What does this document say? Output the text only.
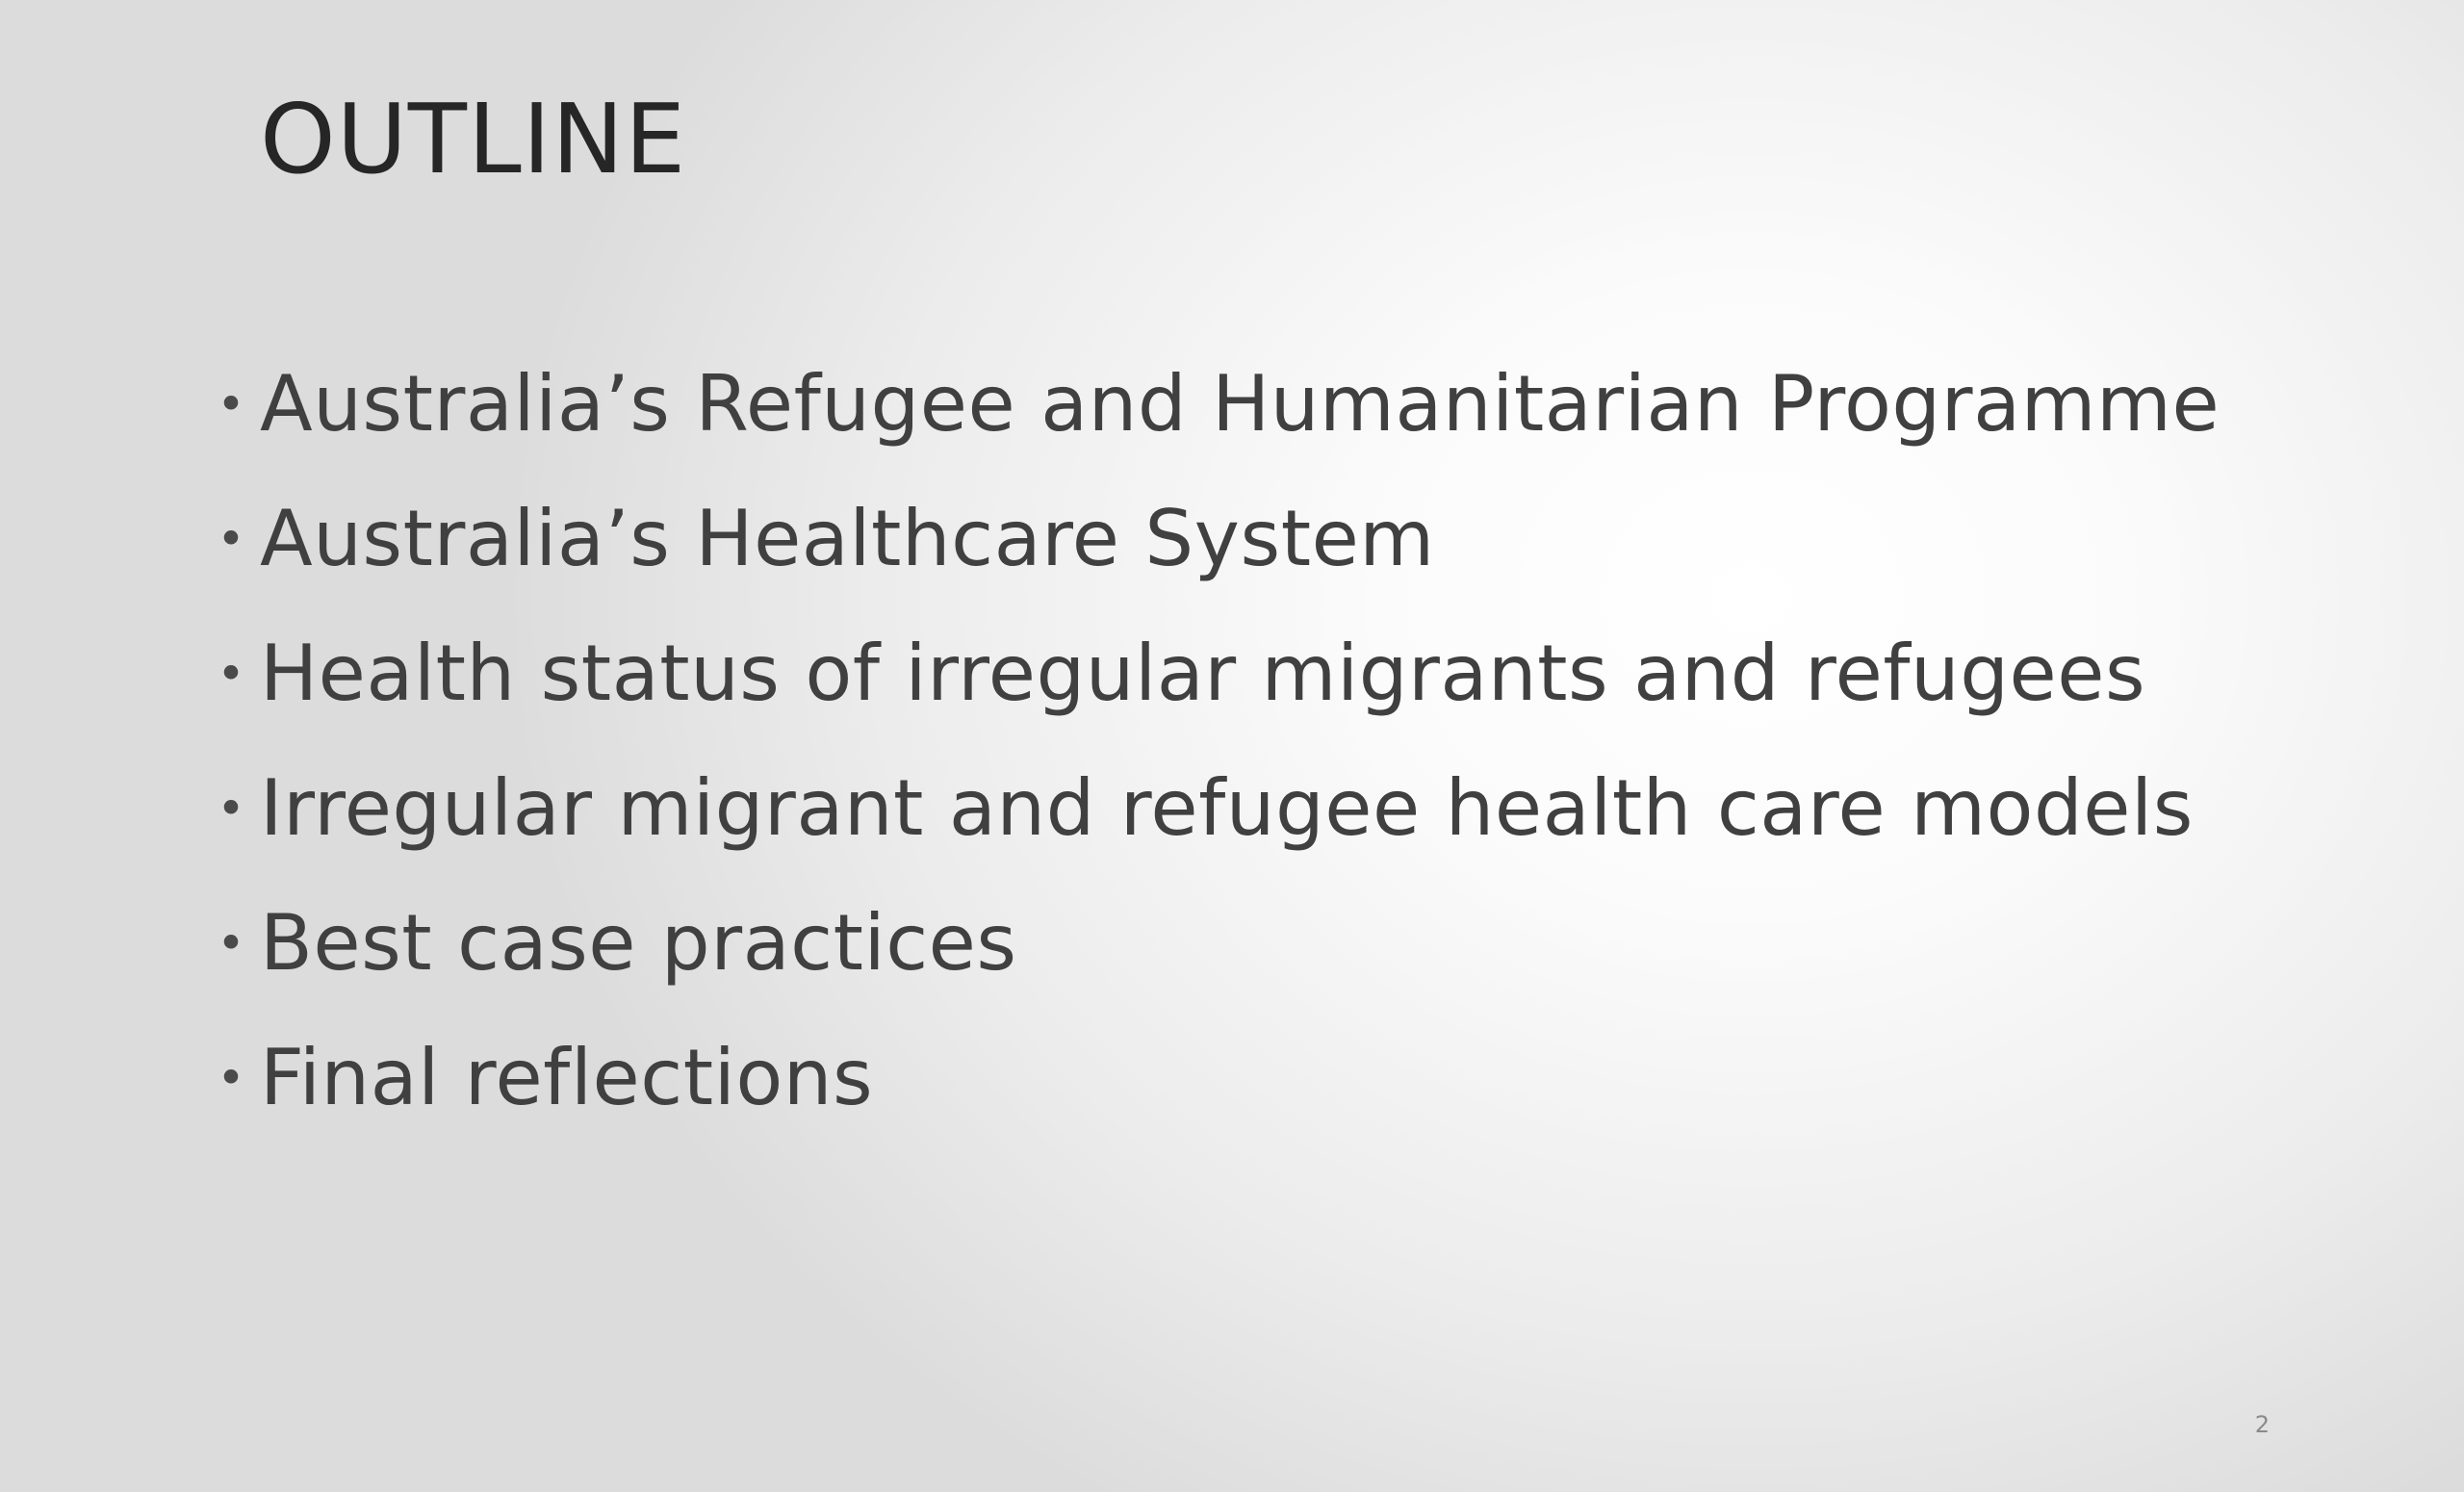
OUTLINE
• Australia’s Refugee and Humanitarian Programme
• Australia’s Healthcare System
• Health status of irregular migrants and refugees
• Irregular migrant and refugee health care models
• Best case practices
• Final reflections
2
